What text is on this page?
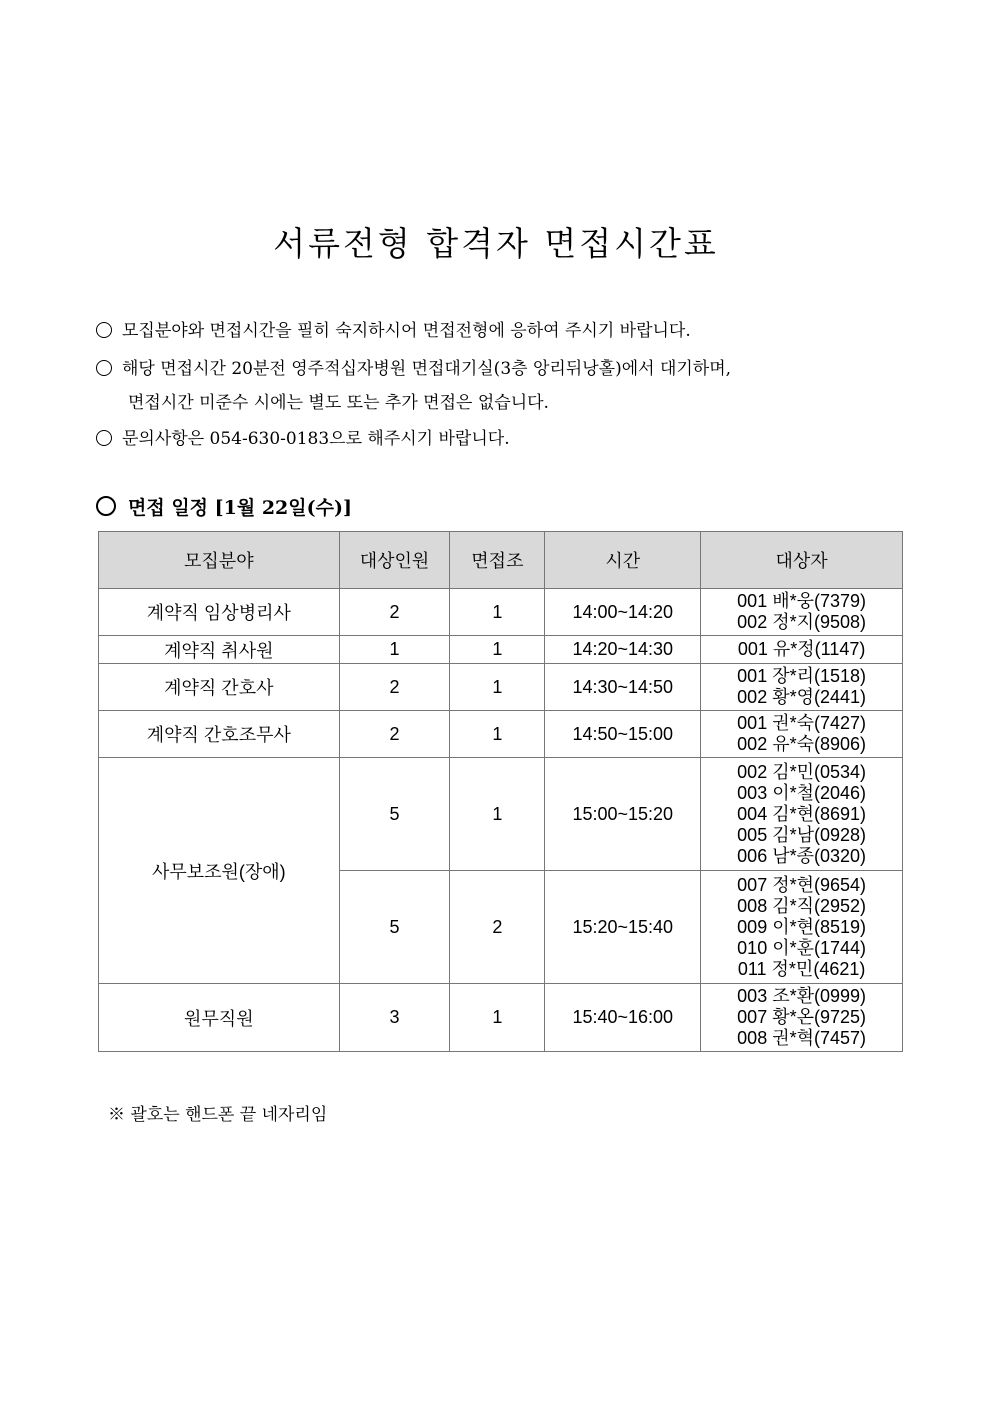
서류전형 합격자 면접시간표
모집분야와 면접시간을 필히 숙지하시어 면접전형에 응하여 주시기 바랍니다.
해당 면접시간 20분전 영주적십자병원 면접대기실(3층 앙리뒤낭홀)에서 대기하며,
면접시간 미준수 시에는 별도 또는 추가 면접은 없습니다.
문의사항은 054-630-0183으로 해주시기 바랍니다.
면접 일정 [1월 22일(수)]
모집분야	대상인원	면접조	시간	대상자
계약직 임상병리사	2	1	14:00~14:20	001 배*웅(7379)
002 정*지(9508)

계약직 취사원	1	1	14:20~14:30	001 유*정(1147)

계약직 간호사	2	1	14:30~14:50	001 장*리(1518)
002 황*영(2441)

계약직 간호조무사	2	1	14:50~15:00	001 권*숙(7427)
002 유*숙(8906)

사무보조원(장애)	5	1	15:00~15:20	002 김*민(0534)
003 이*철(2046)
004 김*현(8691)
005 김*남(0928)
006 남*종(0320)

	5	2	15:20~15:40	007 정*현(9654)
008 김*직(2952)
009 이*현(8519)
010 이*훈(1744)
011 정*민(4621)

원무직원	3	1	15:40~16:00	003 조*환(0999)
007 황*온(9725)
008 권*혁(7457)
※ 괄호는 핸드폰 끝 네자리임
